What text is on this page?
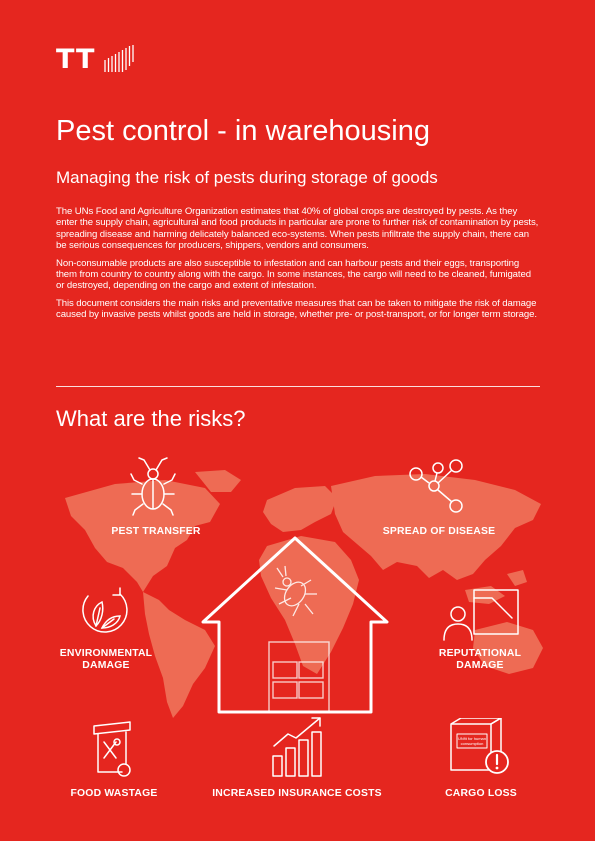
TT
Pest control - in warehousing
Managing the risk of pests during storage of goods

The UNs Food and Agriculture Organization estimates that 40% of global crops are destroyed by pests. As they enter the supply chain, agricultural and food products in particular are prone to further risk of contamination by pests, spreading disease and harming delicately balanced eco-systems. When pests infiltrate the supply chain, there can be serious consequences for producers, shippers, vendors and consumers.

Non-consumable products are also susceptible to infestation and can harbour pests and their eggs, transporting them from country to country along with the cargo. In some instances, the cargo will need to be cleaned, fumigated or destroyed, depending on the cargo and extent of infestation.

This document considers the main risks and preventative measures that can be taken to mitigate the risk of damage caused by invasive pests whilst goods are held in storage, whether pre- or post-transport, or for longer term storage.

What are the risks?
PEST TRANSFER	SPREAD OF DISEASE
ENVIRONMENTAL
DAMAGE
REPUTATIONAL
DAMAGE
FOOD WASTAGE	INCREASED INSURANCE COSTS
UNfit for human
consumption
CARGO LOSS
